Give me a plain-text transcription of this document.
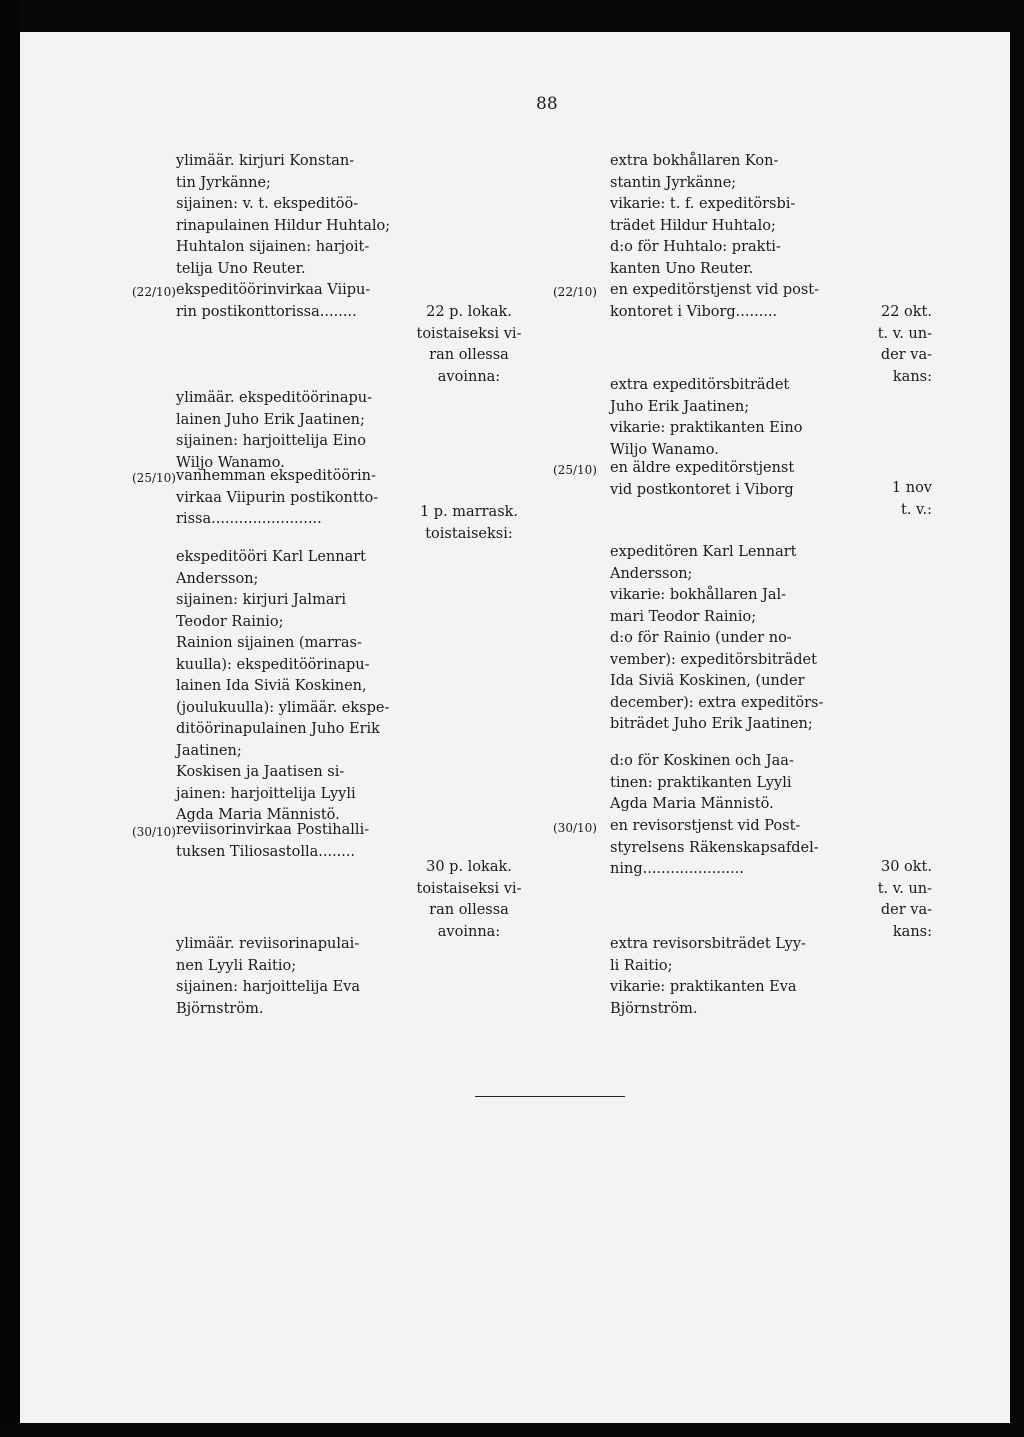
88
ylimäär. kirjuri Konstan-
tin Jyrkänne;
sijainen: v. t. ekspeditöö-
rinapulainen Hildur Huhtalo;
Huhtalon sijainen: harjoit-
telija Uno Reuter.
(22/10) ekspeditöörinvirkaa Viipu-
rin postikonttorissa........
ylimäär. ekspeditöörinapu-
lainen Juho Erik Jaatinen;
sijainen: harjoittelija Eino
Wiljo Wanamo.
(25/10) vanhemman ekspeditöörin-
virkaa Viipurin postikontto-
rissa........................
ekspeditööri Karl Lennart
Andersson;
sijainen: kirjuri Jalmari
Teodor Rainio;
Rainion sijainen (marras-
kuulla): ekspeditöörinapu-
lainen Ida Siviä Koskinen,
(joulukuulla): ylimäär. ekspe-
ditöörinapulainen Juho Erik
Jaatinen;
Koskisen ja Jaatisen si-
jainen: harjoittelija Lyyli
Agda Maria Männistö.
(30/10) reviisorinvirkaa Postihalli-
tuksen Tiliosastolla........
ylimäär. reviisorinapulai-
nen Lyyli Raitio;
sijainen: harjoittelija Eva
Björnström.
22 p. lokak.
toistaiseksi vi-
ran ollessa
avoinna:
1 p. marrask.
toistaiseksi:
30 p. lokak.
toistaiseksi vi-
ran ollessa
avoinna:
extra bokhållaren Kon-
stantin Jyrkänne;
vikarie: t. f. expeditörsbi-
trädet Hildur Huhtalo;
d:o för Huhtalo: prakti-
kanten Uno Reuter.
(22/10) en expeditörstjenst vid post-
kontoret i Viborg.........
extra expeditörsbiträdet
Juho Erik Jaatinen;
vikarie: praktikanten Eino
Wiljo Wanamo.
(25/10) en äldre expeditörstjenst
vid postkontoret i Viborg
expeditören Karl Lennart
Andersson;
vikarie: bokhållaren Jal-
mari Teodor Rainio;
d:o för Rainio (under no-
vember): expeditörsbiträdet
Ida Siviä Koskinen, (under
december): extra expeditörs-
biträdet Juho Erik Jaatinen;
d:o för Koskinen och Jaa-
tinen: praktikanten Lyyli
Agda Maria Männistö.
(30/10) en revisorstjenst vid Post-
styrelsens Räkenskapsafdel-
ning......................
extra revisorsbiträdet Lyy-
li Raitio;
vikarie: praktikanten Eva
Björnström.
22 okt.
t. v. un-
der va-
kans:
1 nov
t. v.:
30 okt.
t. v. un-
der va-
kans:
